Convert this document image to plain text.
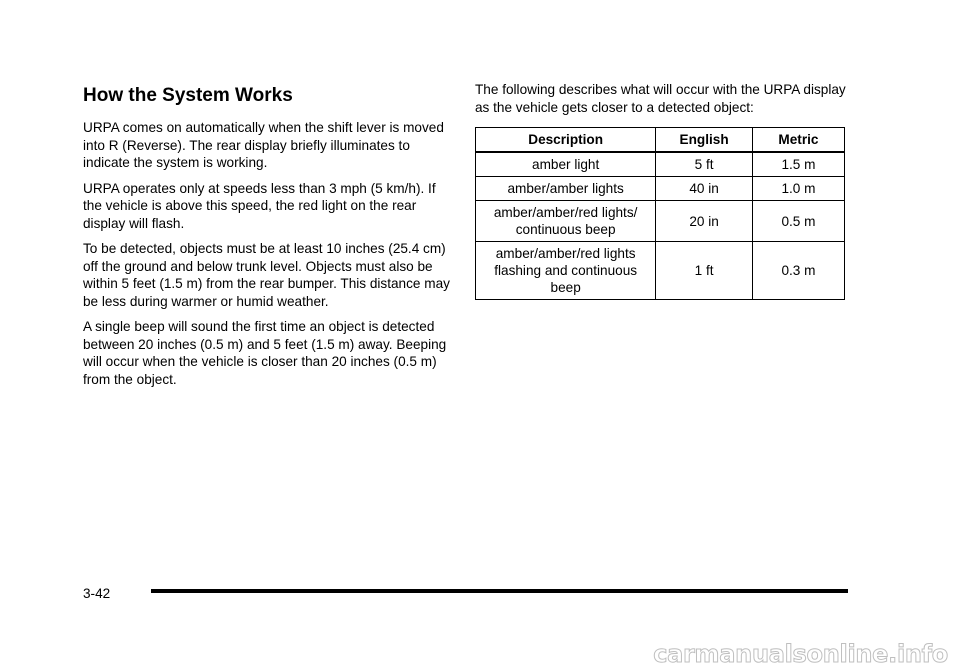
How the System Works

URPA comes on automatically when the shift lever is moved into R (Reverse). The rear display briefly illuminates to indicate the system is working.

URPA operates only at speeds less than 3 mph (5 km/h). If the vehicle is above this speed, the red light on the rear display will flash.

To be detected, objects must be at least 10 inches (25.4 cm) off the ground and below trunk level. Objects must also be within 5 feet (1.5 m) from the rear bumper. This distance may be less during warmer or humid weather.

A single beep will sound the first time an object is detected between 20 inches (0.5 m) and 5 feet (1.5 m) away. Beeping will occur when the vehicle is closer than 20 inches (0.5 m) from the object.

The following describes what will occur with the URPA display as the vehicle gets closer to a detected object:

Description	English	Metric
amber light	5 ft	1.5 m
amber/amber lights	40 in	1.0 m
amber/amber/red lights/ continuous beep	20 in	0.5 m
amber/amber/red lights flashing and continuous beep	1 ft	0.3 m
3-42
carmanualsonline.info
